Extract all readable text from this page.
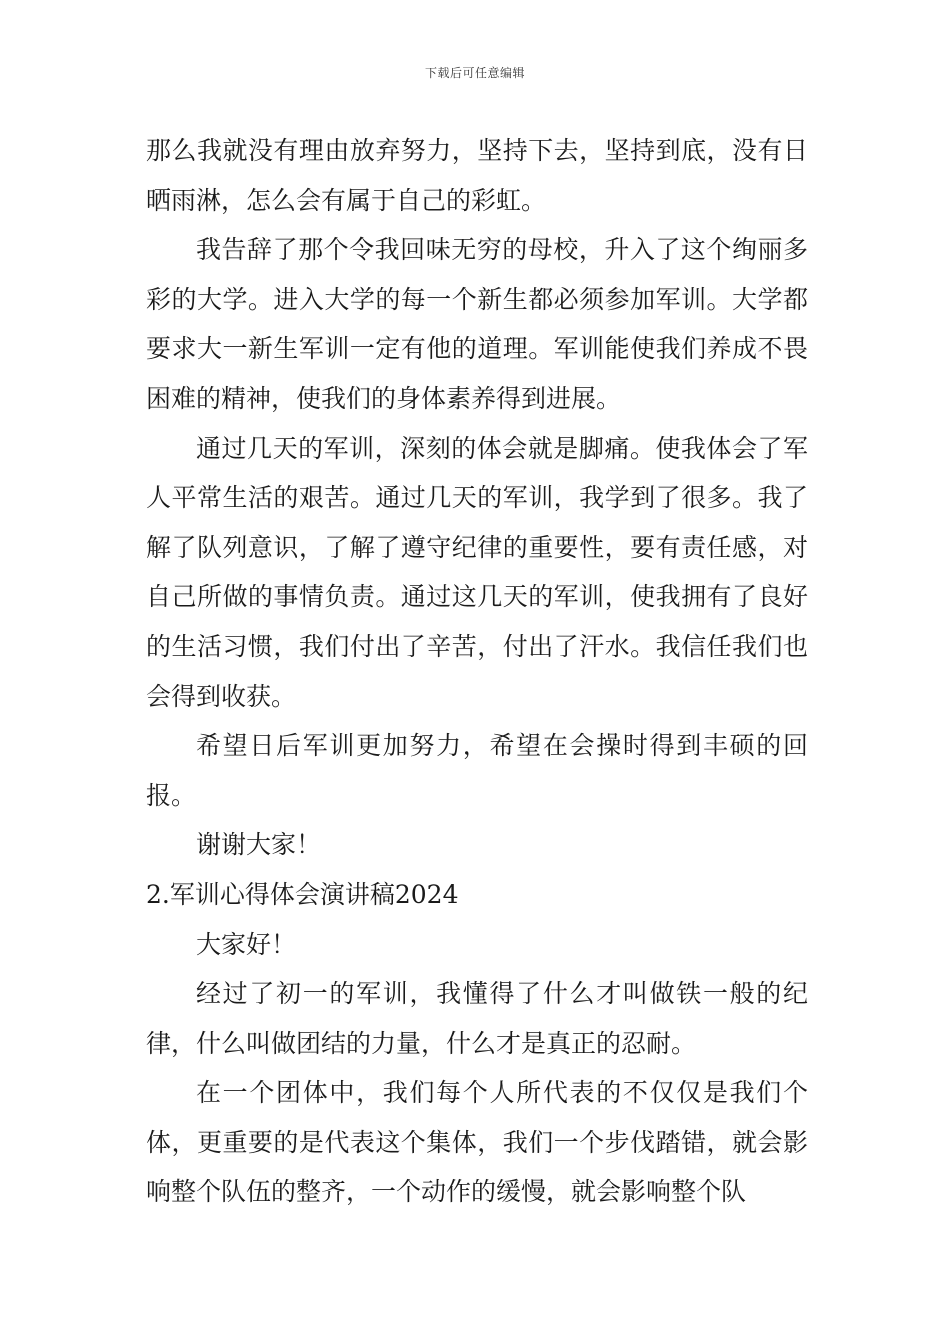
下载后可任意编辑

那么我就没有理由放弃努力，坚持下去，坚持到底，没有日晒雨淋，怎么会有属于自己的彩虹。

我告辞了那个令我回味无穷的母校，升入了这个绚丽多彩的大学。进入大学的每一个新生都必须参加军训。大学都要求大一新生军训一定有他的道理。军训能使我们养成不畏困难的精神，使我们的身体素养得到进展。

通过几天的军训，深刻的体会就是脚痛。使我体会了军人平常生活的艰苦。通过几天的军训，我学到了很多。我了解了队列意识，了解了遵守纪律的重要性，要有责任感，对自己所做的事情负责。通过这几天的军训，使我拥有了良好的生活习惯，我们付出了辛苦，付出了汗水。我信任我们也会得到收获。

希望日后军训更加努力，希望在会操时得到丰硕的回报。

谢谢大家！

2.军训心得体会演讲稿2024

大家好！

经过了初一的军训，我懂得了什么才叫做铁一般的纪律，什么叫做团结的力量，什么才是真正的忍耐。

在一个团体中，我们每个人所代表的不仅仅是我们个体，更重要的是代表这个集体，我们一个步伐踏错，就会影响整个队伍的整齐，一个动作的缓慢，就会影响整个队
